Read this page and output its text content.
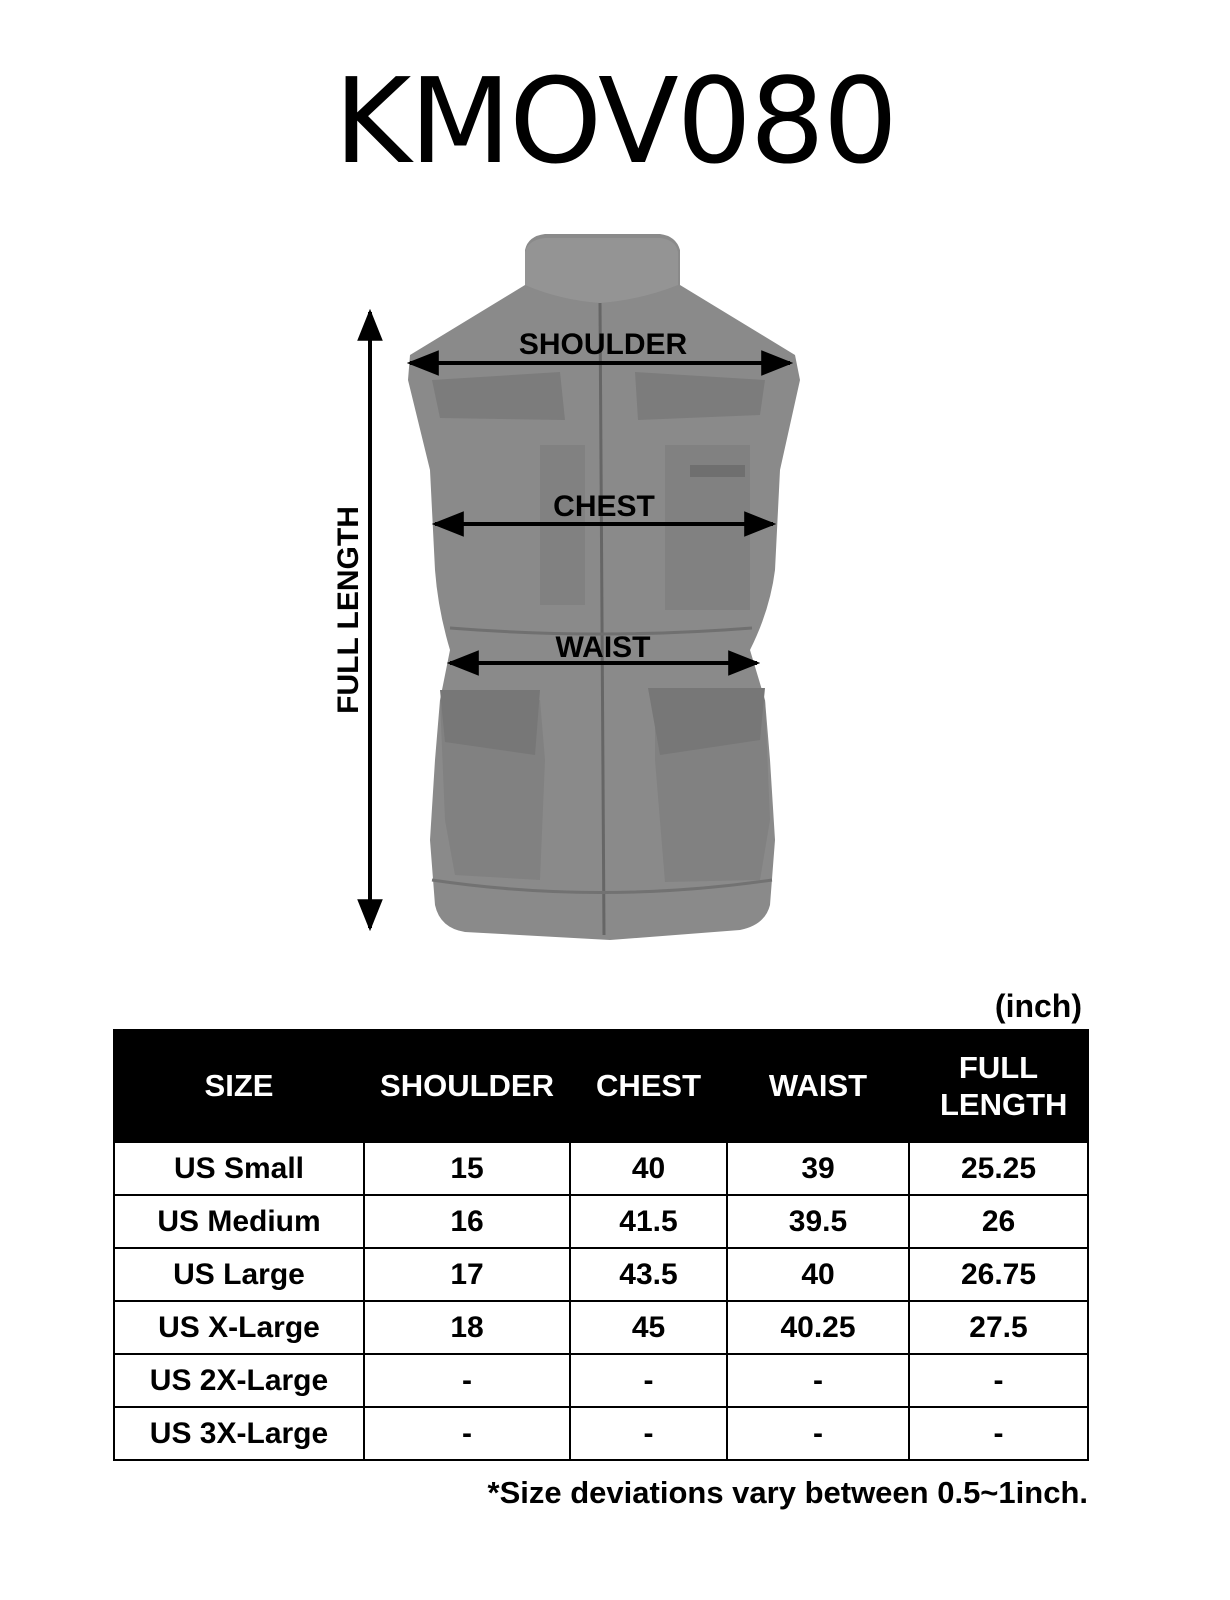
KMOV080
SHOULDER
CHEST
WAIST
FULL LENGTH
(inch)
SIZE	SHOULDER	CHEST	WAIST	FULL LENGTH
US Small	15	40	39	25.25
US Medium	16	41.5	39.5	26
US Large	17	43.5	40	26.75
US X-Large	18	45	40.25	27.5
US 2X-Large	-	-	-	-
US 3X-Large	-	-	-	-
*Size deviations vary between 0.5~1inch.
